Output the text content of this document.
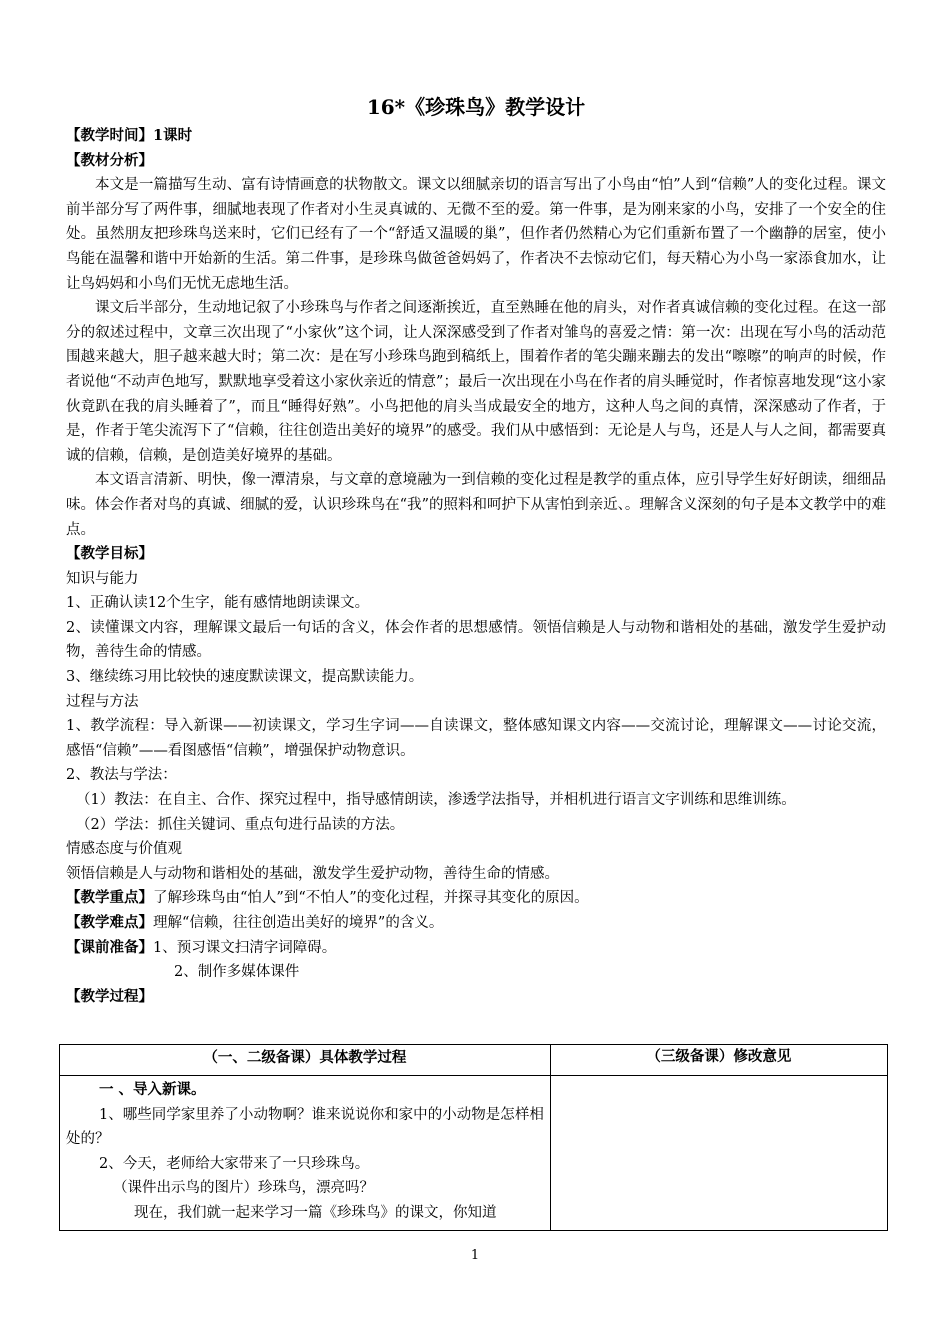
16*《珍珠鸟》教学设计
【教学时间】1课时
【教材分析】
本文是一篇描写生动、富有诗情画意的状物散文。课文以细腻亲切的语言写出了小鸟由“怕”人到“信赖”人的变化过程。课文前半部分写了两件事，细腻地表现了作者对小生灵真诚的、无微不至的爱。第一件事，是为刚来家的小鸟，安排了一个安全的住处。虽然朋友把珍珠鸟送来时，它们已经有了一个“舒适又温暖的巢”，但作者仍然精心为它们重新布置了一个幽静的居室，使小鸟能在温馨和谐中开始新的生活。第二件事，是珍珠鸟做爸爸妈妈了，作者决不去惊动它们，每天精心为小鸟一家添食加水，让让鸟妈妈和小鸟们无忧无虑地生活。
课文后半部分，生动地记叙了小珍珠鸟与作者之间逐渐挨近，直至熟睡在他的肩头，对作者真诚信赖的变化过程。在这一部分的叙述过程中，文章三次出现了“小家伙”这个词，让人深深感受到了作者对雏鸟的喜爱之情：第一次：出现在写小鸟的活动范围越来越大，胆子越来越大时；第二次：是在写小珍珠鸟跑到稿纸上，围着作者的笔尖蹦来蹦去的发出“嚓嚓”的响声的时候，作者说他“不动声色地写，默默地享受着这小家伙亲近的情意”；最后一次出现在小鸟在作者的肩头睡觉时，作者惊喜地发现“这小家伙竟趴在我的肩头睡着了”，而且“睡得好熟”。小鸟把他的肩头当成最安全的地方，这种人鸟之间的真情，深深感动了作者，于是，作者于笔尖流泻下了“信赖，往往创造出美好的境界”的感受。我们从中感悟到：无论是人与鸟，还是人与人之间，都需要真诚的信赖，信赖，是创造美好境界的基础。
本文语言清新、明快，像一潭清泉，与文章的意境融为一到信赖的变化过程是教学的重点体，应引导学生好好朗读，细细品味。体会作者对鸟的真诚、细腻的爱，认识珍珠鸟在“我”的照料和呵护下从害怕到亲近、。理解含义深刻的句子是本文教学中的难点。
【教学目标】
知识与能力
1、正确认读12个生字，能有感情地朗读课文。
2、读懂课文内容，理解课文最后一句话的含义，体会作者的思想感情。领悟信赖是人与动物和谐相处的基础，激发学生爱护动物，善待生命的情感。
3、继续练习用比较快的速度默读课文，提高默读能力。
过程与方法
1、教学流程：导入新课——初读课文，学习生字词——自读课文，整体感知课文内容——交流讨论，理解课文——讨论交流，感悟“信赖”——看图感悟“信赖”，增强保护动物意识。
2、教法与学法：
（1）教法：在自主、合作、探究过程中，指导感情朗读，渗透学法指导，并相机进行语言文字训练和思维训练。
（2）学法：抓住关键词、重点句进行品读的方法。
情感态度与价值观
领悟信赖是人与动物和谐相处的基础，激发学生爱护动物，善待生命的情感。
【教学重点】了解珍珠鸟由“怕人”到“不怕人”的变化过程，并探寻其变化的原因。
【教学难点】理解“信赖，往往创造出美好的境界”的含义。
【课前准备】1、预习课文扫清字词障碍。
2、制作多媒体课件
【教学过程】
（一、二级备课）具体教学过程	（三级备课）修改意见

一 、导入新课。
1、哪些同学家里养了小动物啊？谁来说说你和家中的小动物是怎样相处的？
2、今天，老师给大家带来了一只珍珠鸟。
（课件出示鸟的图片）珍珠鸟，漂亮吗？
现在，我们就一起来学习一篇《珍珠鸟》的课文，你知道	

1
